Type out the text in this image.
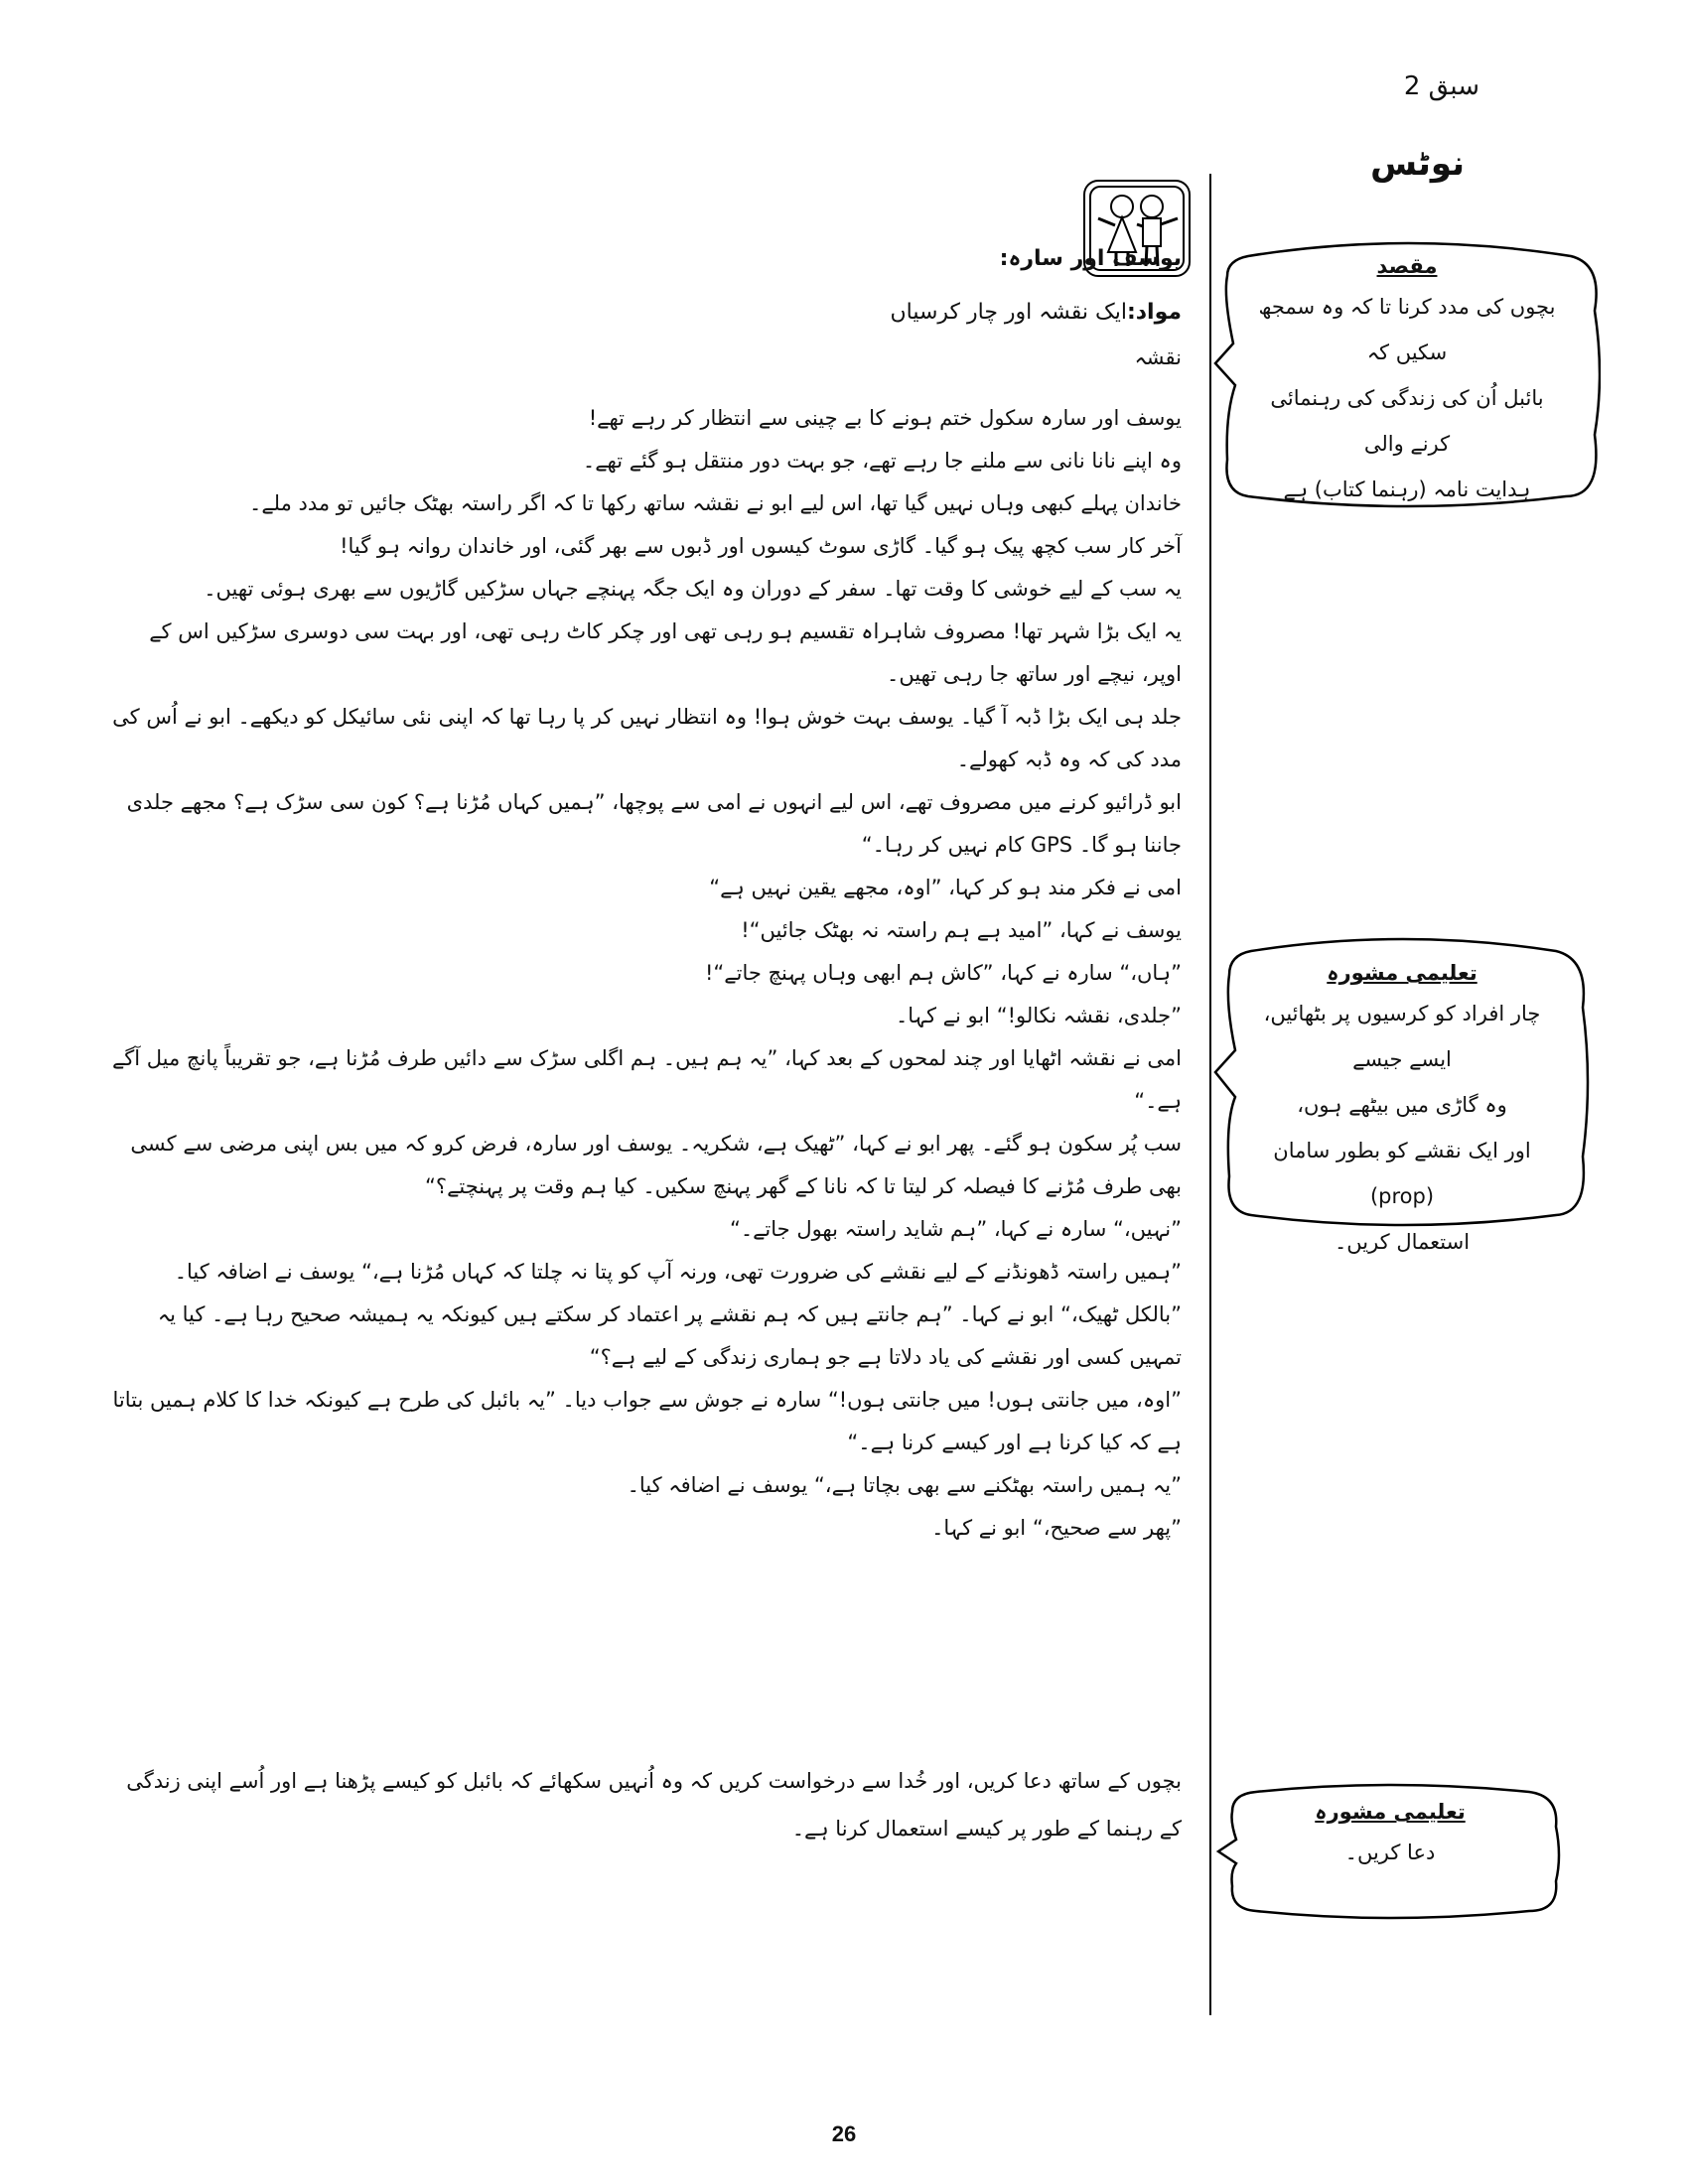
سبق 2
نوٹس
یوسف اور سارہ:
مواد:ایک نقشہ اور چار کرسیاں
نقشہ
یوسف اور سارہ سکول ختم ہونے کا بے چینی سے انتظار کر رہے تھے!
وہ اپنے نانا نانی سے ملنے جا رہے تھے، جو بہت دور منتقل ہو گئے تھے۔
خاندان پہلے کبھی وہاں نہیں گیا تھا، اس لیے ابو نے نقشہ ساتھ رکھا تا کہ اگر راستہ بھٹک جائیں تو مدد ملے۔
آخر کار سب کچھ پیک ہو گیا۔ گاڑی سوٹ کیسوں اور ڈبوں سے بھر گئی، اور خاندان روانہ ہو گیا!
یہ سب کے لیے خوشی کا وقت تھا۔ سفر کے دوران وہ ایک جگہ پہنچے جہاں سڑکیں گاڑیوں سے بھری ہوئی تھیں۔
یہ ایک بڑا شہر تھا! مصروف شاہراہ تقسیم ہو رہی تھی اور چکر کاٹ رہی تھی، اور بہت سی دوسری سڑکیں اس کے اوپر، نیچے اور ساتھ جا رہی تھیں۔
جلد ہی ایک بڑا ڈبہ آ گیا۔ یوسف بہت خوش ہوا! وہ انتظار نہیں کر پا رہا تھا کہ اپنی نئی سائیکل کو دیکھے۔ ابو نے اُس کی مدد کی کہ وہ ڈبہ کھولے۔
ابو ڈرائیو کرنے میں مصروف تھے، اس لیے انہوں نے امی سے پوچھا، ”ہمیں کہاں مُڑنا ہے؟ کون سی سڑک ہے؟ مجھے جلدی جاننا ہو گا۔ GPS کام نہیں کر رہا۔“
امی نے فکر مند ہو کر کہا، ”اوہ، مجھے یقین نہیں ہے“
یوسف نے کہا، ”امید ہے ہم راستہ نہ بھٹک جائیں“!
”ہاں،“ سارہ نے کہا، ”کاش ہم ابھی وہاں پہنچ جاتے“!
”جلدی، نقشہ نکالو!“ ابو نے کہا۔
امی نے نقشہ اٹھایا اور چند لمحوں کے بعد کہا، ”یہ ہم ہیں۔ ہم اگلی سڑک سے دائیں طرف مُڑنا ہے، جو تقریباً پانچ میل آگے ہے۔“
سب پُر سکون ہو گئے۔ پھر ابو نے کہا، ”ٹھیک ہے، شکریہ۔ یوسف اور سارہ، فرض کرو کہ میں بس اپنی مرضی سے کسی بھی طرف مُڑنے کا فیصلہ کر لیتا تا کہ نانا کے گھر پہنچ سکیں۔ کیا ہم وقت پر پہنچتے؟“
”نہیں،“ سارہ نے کہا، ”ہم شاید راستہ بھول جاتے۔“
”ہمیں راستہ ڈھونڈنے کے لیے نقشے کی ضرورت تھی، ورنہ آپ کو پتا نہ چلتا کہ کہاں مُڑنا ہے،“ یوسف نے اضافہ کیا۔
”بالکل ٹھیک،“ ابو نے کہا۔ ”ہم جانتے ہیں کہ ہم نقشے پر اعتماد کر سکتے ہیں کیونکہ یہ ہمیشہ صحیح رہا ہے۔ کیا یہ تمہیں کسی اور نقشے کی یاد دلاتا ہے جو ہماری زندگی کے لیے ہے؟“
”اوہ، میں جانتی ہوں! میں جانتی ہوں!“ سارہ نے جوش سے جواب دیا۔ ”یہ بائبل کی طرح ہے کیونکہ خدا کا کلام ہمیں بتاتا ہے کہ کیا کرنا ہے اور کیسے کرنا ہے۔“
”یہ ہمیں راستہ بھٹکنے سے بھی بچاتا ہے،“ یوسف نے اضافہ کیا۔
”پھر سے صحیح،“ ابو نے کہا۔

بچوں کے ساتھ دعا کریں، اور خُدا سے درخواست کریں کہ وہ اُنہیں سکھائے کہ بائبل کو کیسے پڑھنا ہے اور اُسے اپنی زندگی کے رہنما کے طور پر کیسے استعمال کرنا ہے۔

مقصد
بچوں کی مدد کرنا تا کہ وہ سمجھ سکیں کہ
بائبل اُن کی زندگی کی رہنمائی کرنے والی
ہدایت نامہ (رہنما کتاب) ہے
تعلیمی مشورہ
چار افراد کو کرسیوں پر بٹھائیں، ایسے جیسے
وہ گاڑی میں بیٹھے ہوں،
اور ایک نقشے کو بطور سامان (prop)
استعمال کریں۔
تعلیمی مشورہ
دعا کریں۔
26
